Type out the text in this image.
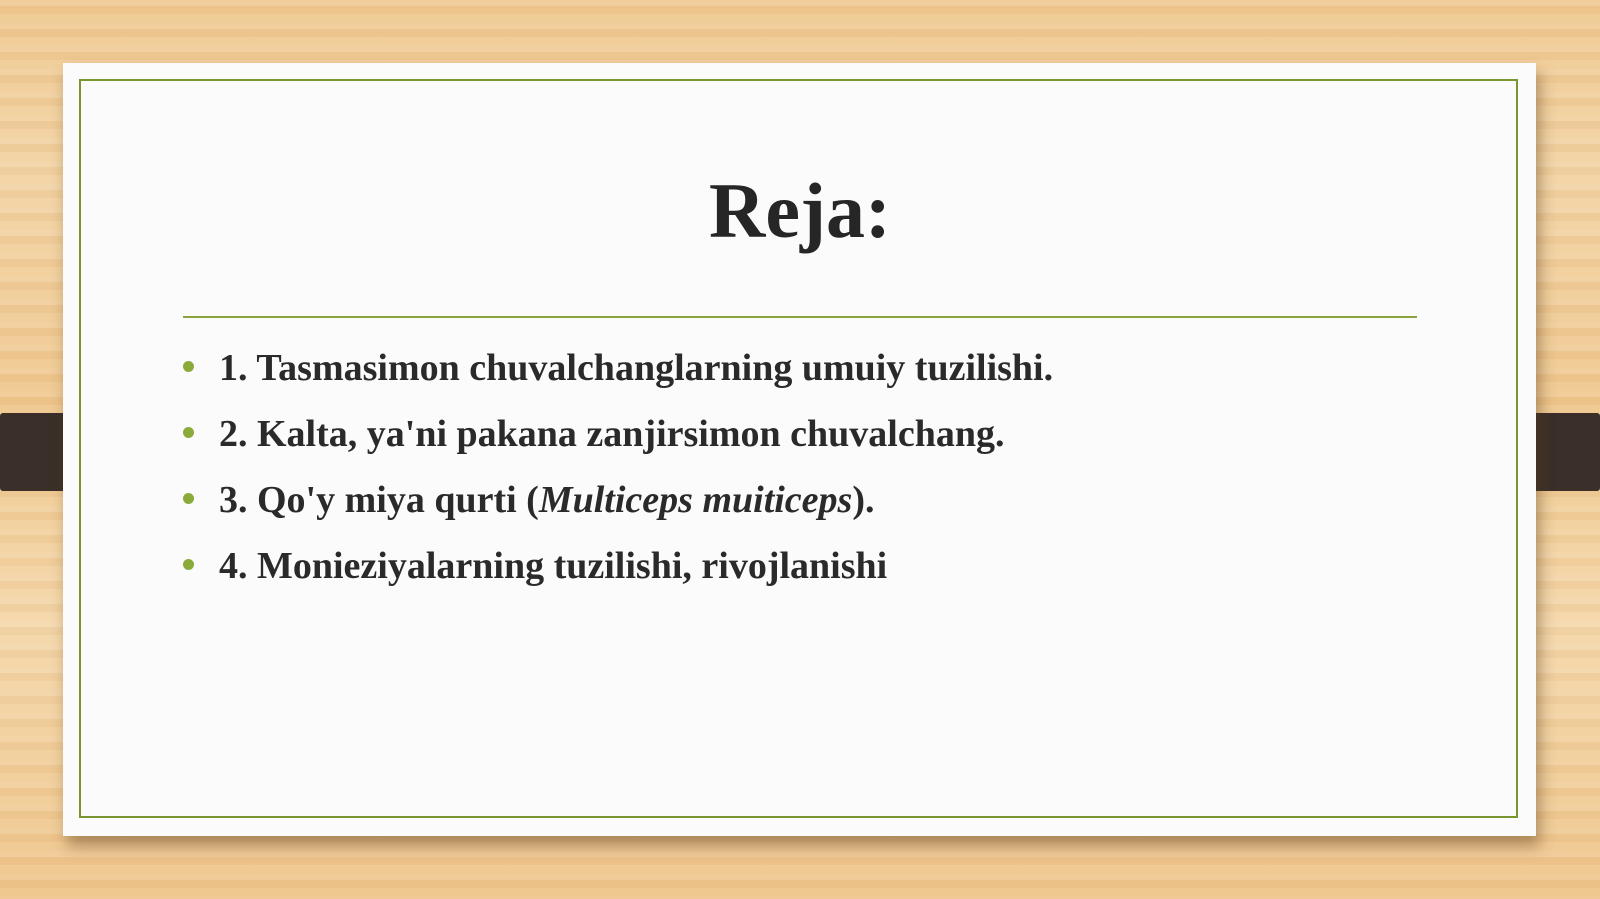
Reja:
1. Tasmasimon chuvalchanglarning umuiy tuzilishi.
2. Kalta, ya'ni pakana zanjirsimon chuvalchang.
3. Qo'y miya qurti (Multiceps muiticeps).
4. Monieziyalarning tuzilishi, rivojlanishi
